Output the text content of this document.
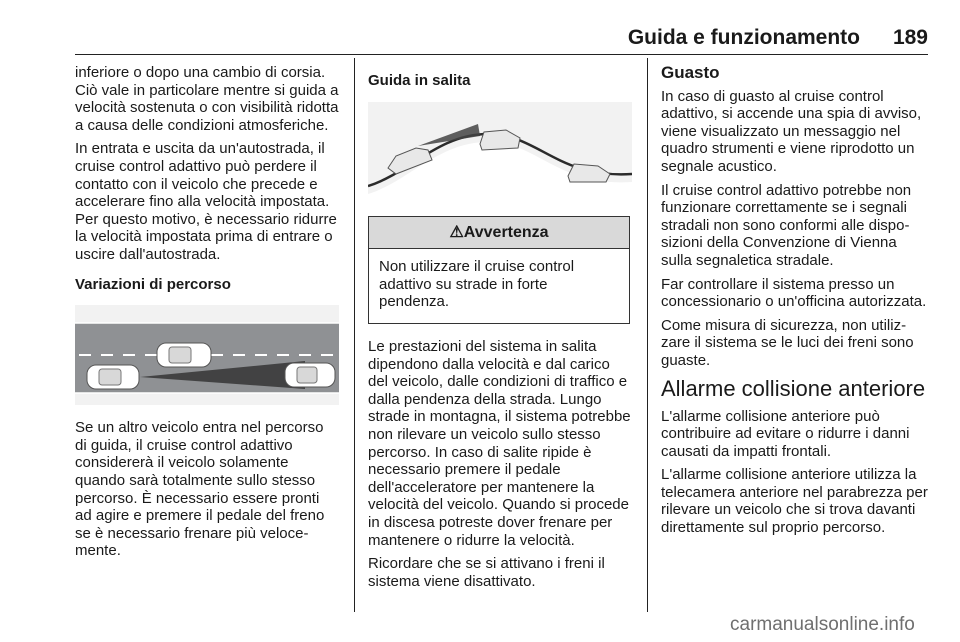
Guida e funzionamento	189

inferiore o dopo una cambio di corsia. Ciò vale in particolare mentre si guida a velocità sostenuta o con visibilità ridotta a causa delle condizioni atmosferiche.

In entrata e uscita da un'autostrada, il cruise control adattivo può perdere il contatto con il veicolo che precede e accelerare fino alla velocità impostata. Per questo motivo, è necessario ridurre la velocità impostata prima di entrare o uscire dall'autostrada.

Variazioni di percorso

Se un altro veicolo entra nel percorso di guida, il cruise control adattivo considererà il veicolo solamente quando sarà totalmente sullo stesso percorso. È necessario essere pronti ad agire e premere il pedale del freno se è necessario frenare più velocemente.

Guida in salita

⚠Avvertenza
Non utilizzare il cruise control adattivo su strade in forte pendenza.

Le prestazioni del sistema in salita dipendono dalla velocità e dal carico del veicolo, dalle condizioni di traffico e dalla pendenza della strada. Lungo strade in montagna, il sistema potrebbe non rilevare un veicolo sullo stesso percorso. In caso di salite ripide è necessario premere il pedale dell'acceleratore per mantenere la velocità del veicolo. Quando si procede in discesa potreste dover frenare per mantenere o ridurre la velocità.

Ricordare che se si attivano i freni il sistema viene disattivato.

Guasto

In caso di guasto al cruise control adattivo, si accende una spia di avviso, viene visualizzato un messaggio nel quadro strumenti e viene riprodotto un segnale acustico.

Il cruise control adattivo potrebbe non funzionare correttamente se i segnali stradali non sono conformi alle disposizioni della Convenzione di Vienna sulla segnaletica stradale.

Far controllare il sistema presso un concessionario o un'officina autorizzata.

Come misura di sicurezza, non utilizzare il sistema se le luci dei freni sono guaste.

Allarme collisione anteriore

L'allarme collisione anteriore può contribuire ad evitare o ridurre i danni causati da impatti frontali.

L'allarme collisione anteriore utilizza la telecamera anteriore nel parabrezza per rilevare un veicolo che si trova davanti direttamente sul proprio percorso.

carmanualsonline.info
